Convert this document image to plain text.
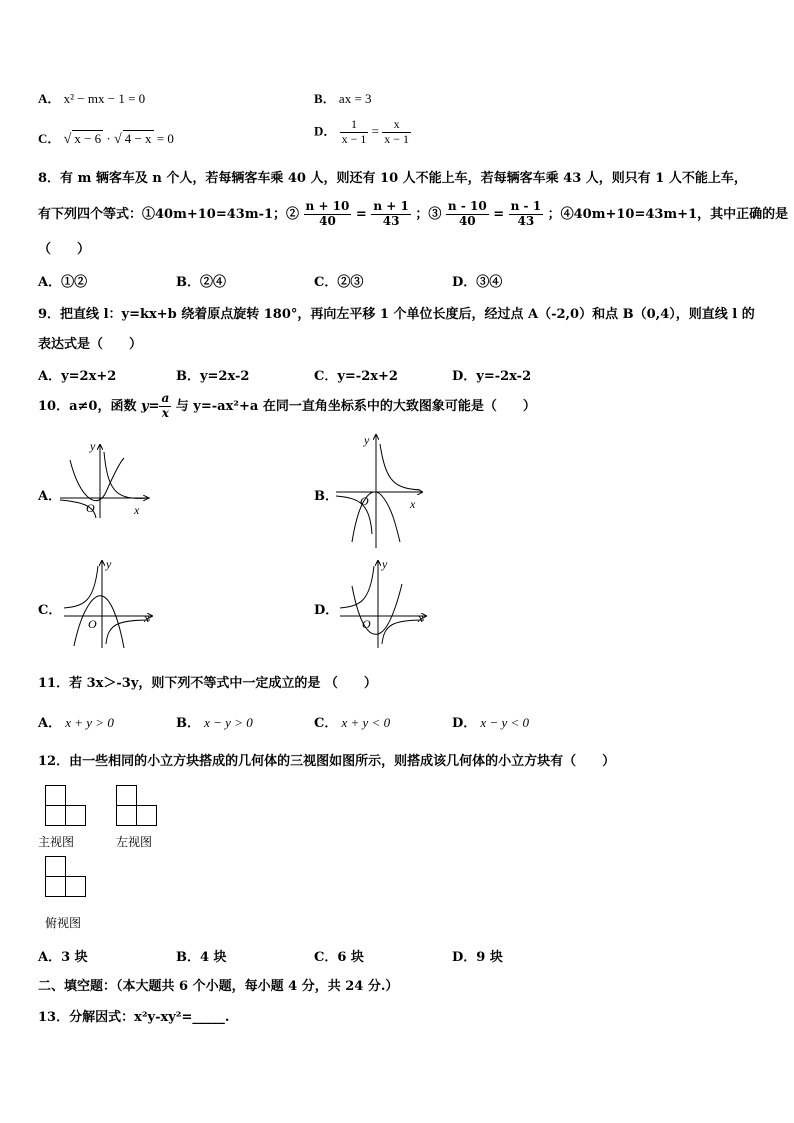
A． x² − mx − 1 = 0	B． ax = 3
C． √ x − 6 · √ 4 − x = 0
D． $\frac{1}{x - 1} = \frac{x}{x - 1}$
8．有 m 辆客车及 n 个人，若每辆客车乘 40 人，则还有 10 人不能上车，若每辆客车乘 43 人，则只有 1 人不能上车，
有下列四个等式：①40m+10=43m-1；② $\frac{n + 10}{40} = \frac{n + 1}{43}$ ；③ $\frac{n - 10}{40} = \frac{n - 1}{43}$ ；④40m+10=43m+1，其中正确的是
（　　）
A．①②	B．②④	C．②③	D．③④
9．把直线 l：y=kx+b 绕着原点旋转 180°，再向左平移 1 个单位长度后，经过点 A（-2,0）和点 B（0,4），则直线 l 的
表达式是（　　）
A．y=2x+2	B．y=2x-2	C．y=-2x+2	D．y=-2x-2
10．a≠0，函数 $y= \frac{a}{x}$ 与 y=-ax²+a 在同一直角坐标系中的大致图象可能是（　　）
A．	B．
C．	D．
y
x
O
y
x
O
y
x
O
y
x
O
11．若 3x＞-3y，则下列不等式中一定成立的是 （　　）
A． x + y > 0	B． x − y > 0	C． x + y < 0	D． x − y < 0
12．由一些相同的小立方块搭成的几何体的三视图如图所示，则搭成该几何体的小立方块有（　　）
主视图	左视图
俯视图
A．3 块	B．4 块	C．6 块	D．9 块
二、填空题：（本大题共 6 个小题，每小题 4 分，共 24 分.）
13．分解因式：x²y-xy²=_____.
